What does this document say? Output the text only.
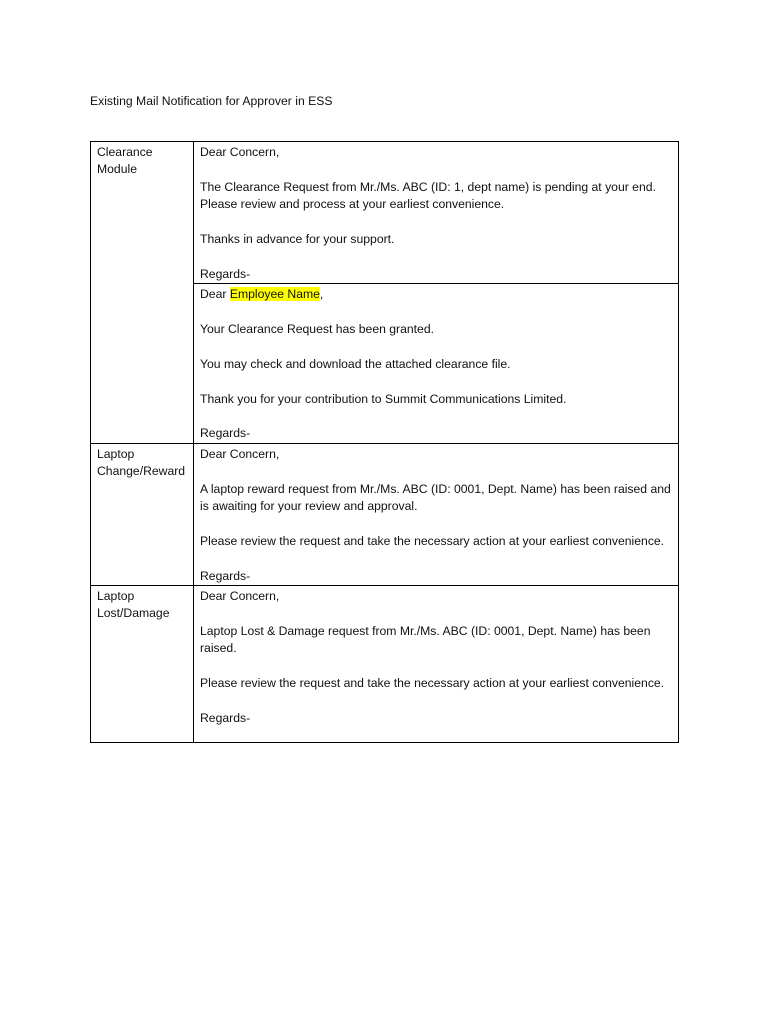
Existing Mail Notification for Approver in ESS
Clearance Module	Dear Concern,

The Clearance Request from Mr./Ms. ABC (ID: 1, dept name) is pending at your end. Please review and process at your earliest convenience.

Thanks in advance for your support.

Regards-

	Dear Employee Name,

Your Clearance Request has been granted.

You may check and download the attached clearance file.

Thank you for your contribution to Summit Communications Limited.

Regards-

Laptop Change/Reward	Dear Concern,

A laptop reward request from Mr./Ms. ABC (ID: 0001, Dept. Name) has been raised and is awaiting for your review and approval.

Please review the request and take the necessary action at your earliest convenience.

Regards-

Laptop Lost/Damage	Dear Concern,

Laptop Lost & Damage request from Mr./Ms. ABC (ID: 0001, Dept. Name) has been raised.

Please review the request and take the necessary action at your earliest convenience.

Regards-
